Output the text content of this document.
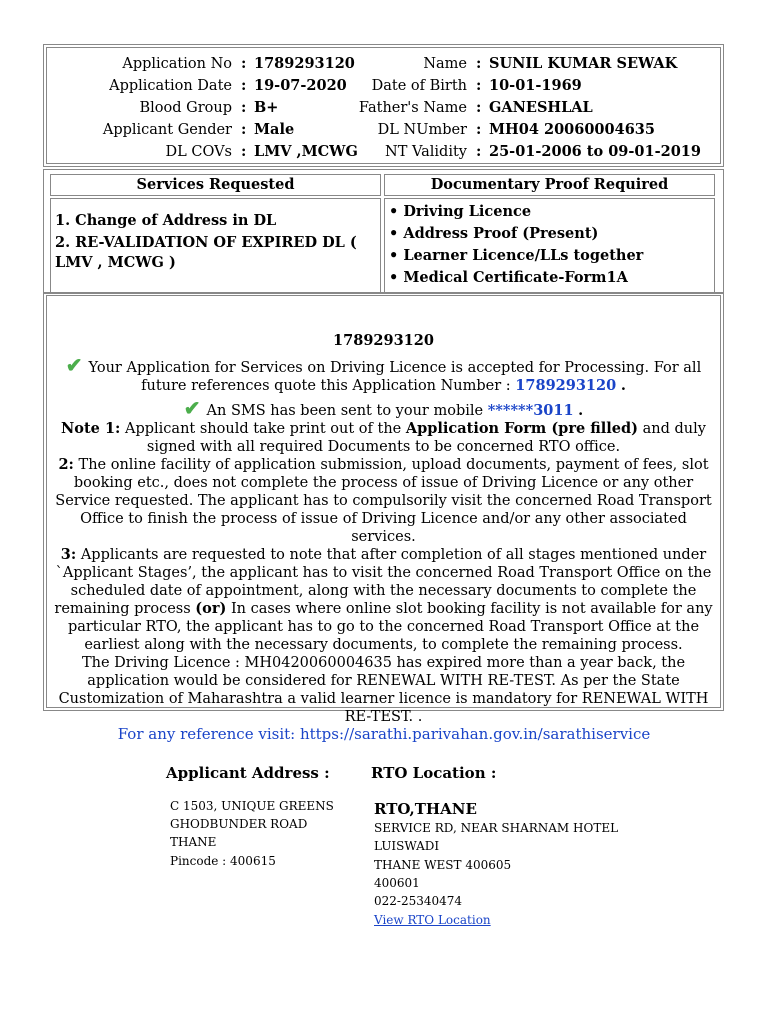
Application No : 1789293120
Application Date : 19-07-2020
Blood Group : B+
Applicant Gender : Male
DL COVs : LMV ,MCWG
Name : SUNIL KUMAR SEWAK
Date of Birth : 10-01-1969
Father's Name : GANESHLAL
DL NUmber : MH04 20060004635
NT Validity : 25-01-2006 to 09-01-2019
Services Requested	Documentary Proof Required
1. Change of Address in DL
2. RE-VALIDATION OF EXPIRED DL ( LMV , MCWG )
• Driving Licence
• Address Proof (Present)
• Learner Licence/LLs together
• Medical Certificate-Form1A
1789293120

✔ Your Application for Services on Driving Licence is accepted for Processing. For all future references quote this Application Number : 1789293120 .

✔ An SMS has been sent to your mobile ******3011 .

Note 1: Applicant should take print out of the Application Form (pre filled) and duly signed with all required Documents to be concerned RTO office.

2: The online facility of application submission, upload documents, payment of fees, slot booking etc., does not complete the process of issue of Driving Licence or any other Service requested. The applicant has to compulsorily visit the concerned Road Transport Office to finish the process of issue of Driving Licence and/or any other associated services.

3: Applicants are requested to note that after completion of all stages mentioned under `Applicant Stages’, the applicant has to visit the concerned Road Transport Office on the scheduled date of appointment, along with the necessary documents to complete the remaining process (or) In cases where online slot booking facility is not available for any particular RTO, the applicant has to go to the concerned Road Transport Office at the earliest along with the necessary documents, to complete the remaining process.

The Driving Licence : MH0420060004635 has expired more than a year back, the application would be considered for RENEWAL WITH RE-TEST. As per the State Customization of Maharashtra a valid learner licence is mandatory for RENEWAL WITH RE-TEST. .

For any reference visit: https://sarathi.parivahan.gov.in/sarathiservice
Applicant Address :	RTO Location :
C 1503, UNIQUE GREENS
GHODBUNDER ROAD
THANE
Pincode : 400615
RTO,THANE
SERVICE RD, NEAR SHARNAM HOTEL
LUISWADI
THANE WEST 400605
400601
022-25340474
View RTO Location
